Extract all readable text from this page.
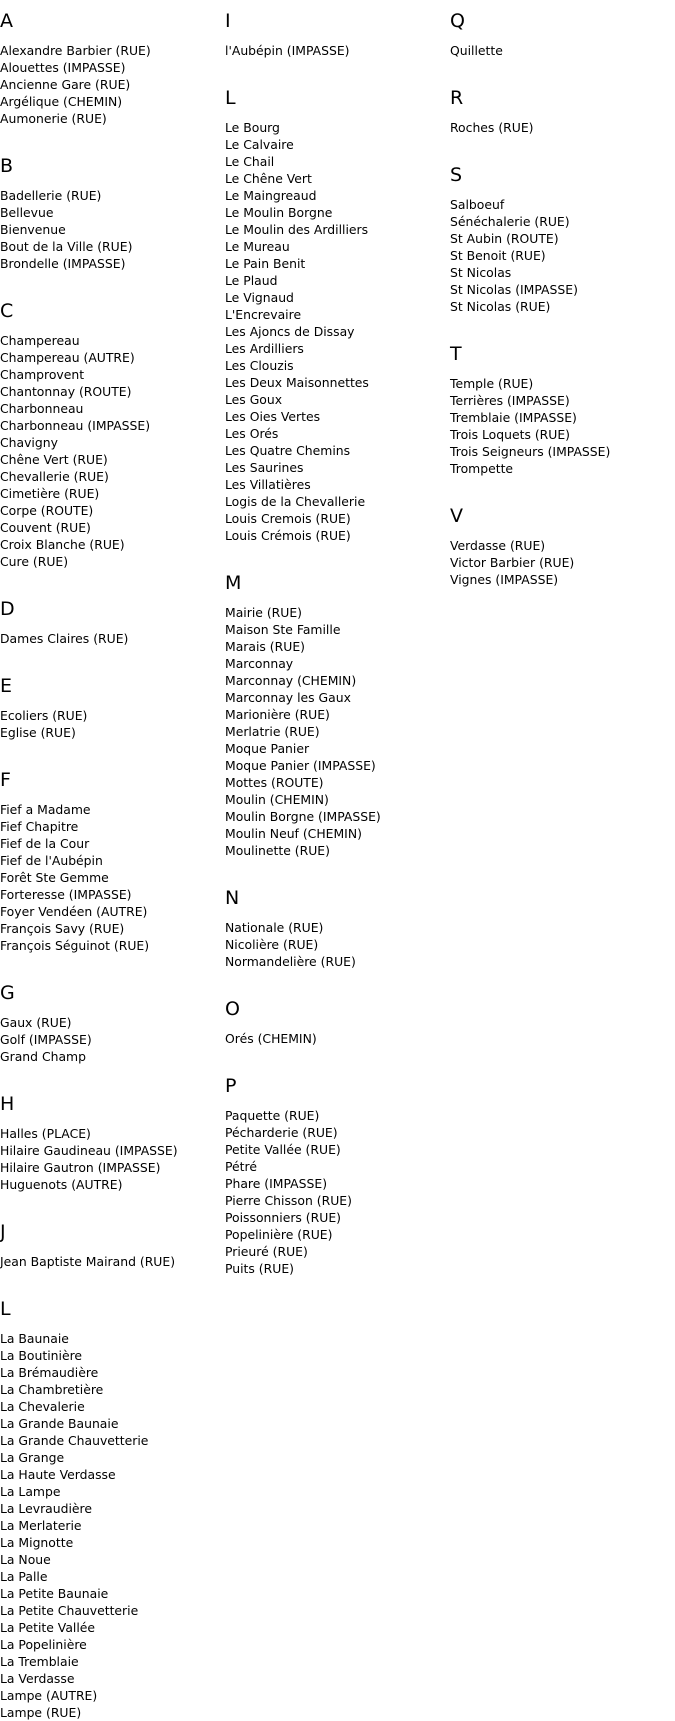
A
Alexandre Barbier (RUE)
Alouettes (IMPASSE)
Ancienne Gare (RUE)
Argélique (CHEMIN)
Aumonerie (RUE)
B
Badellerie (RUE)
Bellevue
Bienvenue
Bout de la Ville (RUE)
Brondelle (IMPASSE)
C
Champereau
Champereau (AUTRE)
Champrovent
Chantonnay (ROUTE)
Charbonneau
Charbonneau (IMPASSE)
Chavigny
Chêne Vert (RUE)
Chevallerie (RUE)
Cimetière (RUE)
Corpe (ROUTE)
Couvent (RUE)
Croix Blanche (RUE)
Cure (RUE)
D
Dames Claires (RUE)
E
Ecoliers (RUE)
Eglise (RUE)
F
Fief a Madame
Fief Chapitre
Fief de la Cour
Fief de l'Aubépin
Forêt Ste Gemme
Forteresse (IMPASSE)
Foyer Vendéen (AUTRE)
François Savy (RUE)
François Séguinot (RUE)
G
Gaux (RUE)
Golf (IMPASSE)
Grand Champ
H
Halles (PLACE)
Hilaire Gaudineau (IMPASSE)
Hilaire Gautron (IMPASSE)
Huguenots (AUTRE)
J
Jean Baptiste Mairand (RUE)
L
La Baunaie
La Boutinière
La Brémaudière
La Chambretière
La Chevalerie
La Grande Baunaie
La Grande Chauvetterie
La Grange
La Haute Verdasse
La Lampe
La Levraudière
La Merlaterie
La Mignotte
La Noue
La Palle
La Petite Baunaie
La Petite Chauvetterie
La Petite Vallée
La Popelinière
La Tremblaie
La Verdasse
Lampe (AUTRE)
Lampe (RUE)
I
l'Aubépin (IMPASSE)
L
Le Bourg
Le Calvaire
Le Chail
Le Chêne Vert
Le Maingreaud
Le Moulin Borgne
Le Moulin des Ardilliers
Le Mureau
Le Pain Benit
Le Plaud
Le Vignaud
L'Encrevaire
Les Ajoncs de Dissay
Les Ardilliers
Les Clouzis
Les Deux Maisonnettes
Les Goux
Les Oies Vertes
Les Orés
Les Quatre Chemins
Les Saurines
Les Villatières
Logis de la Chevallerie
Louis Cremois (RUE)
Louis Crémois (RUE)
M
Mairie (RUE)
Maison Ste Famille
Marais (RUE)
Marconnay
Marconnay (CHEMIN)
Marconnay les Gaux
Marionière (RUE)
Merlatrie (RUE)
Moque Panier
Moque Panier (IMPASSE)
Mottes (ROUTE)
Moulin (CHEMIN)
Moulin Borgne (IMPASSE)
Moulin Neuf (CHEMIN)
Moulinette (RUE)
N
Nationale (RUE)
Nicolière (RUE)
Normandelière (RUE)
O
Orés (CHEMIN)
P
Paquette (RUE)
Pécharderie (RUE)
Petite Vallée (RUE)
Pétré
Phare (IMPASSE)
Pierre Chisson (RUE)
Poissonniers (RUE)
Popelinière (RUE)
Prieuré (RUE)
Puits (RUE)
Q
Quillette
R
Roches (RUE)
S
Salboeuf
Sénéchalerie (RUE)
St Aubin (ROUTE)
St Benoit (RUE)
St Nicolas
St Nicolas (IMPASSE)
St Nicolas (RUE)
T
Temple (RUE)
Terrières (IMPASSE)
Tremblaie (IMPASSE)
Trois Loquets (RUE)
Trois Seigneurs (IMPASSE)
Trompette
V
Verdasse (RUE)
Victor Barbier (RUE)
Vignes (IMPASSE)
